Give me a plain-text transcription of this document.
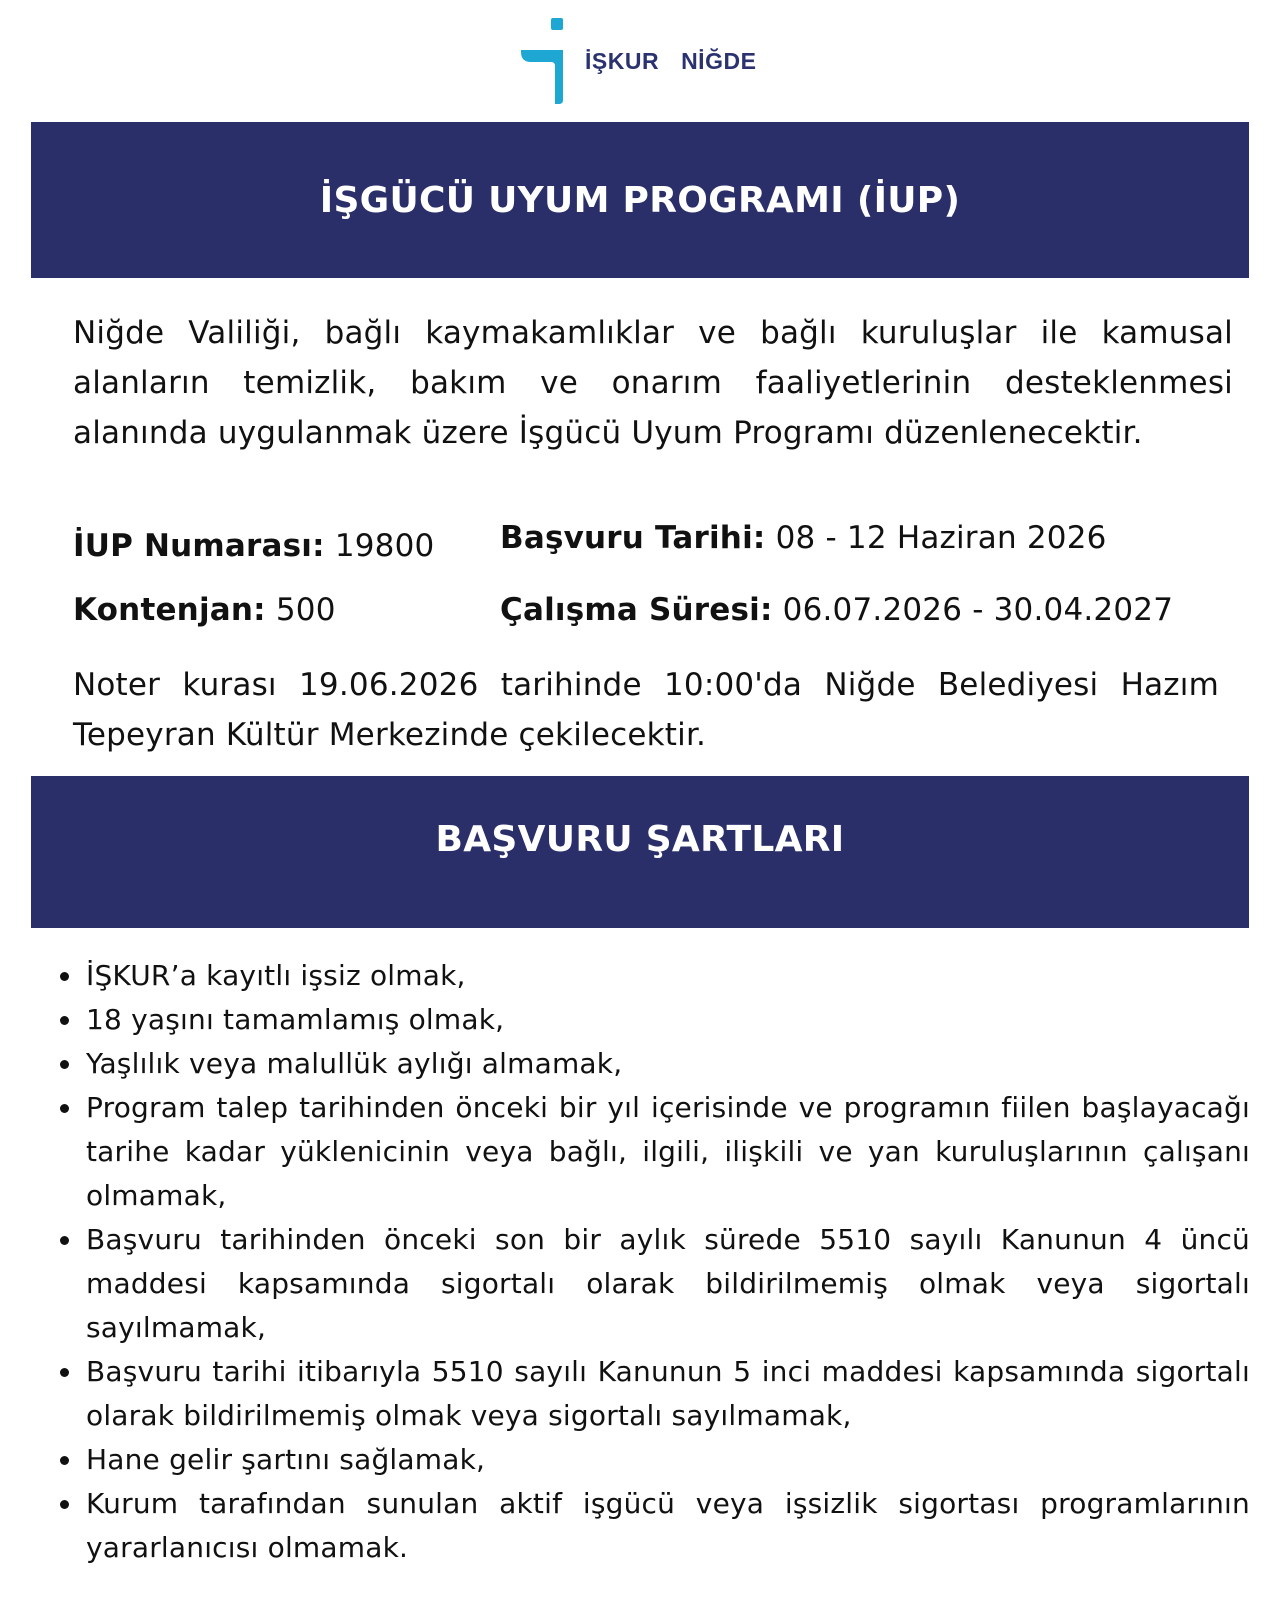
İŞKUR NİĞDE
İŞGÜCÜ UYUM PROGRAMI (İUP)
Niğde Valiliği, bağlı kaymakamlıklar ve bağlı kuruluşlar ile kamusal alanların temizlik, bakım ve onarım faaliyetlerinin desteklenmesi alanında uygulanmak üzere İşgücü Uyum Programı düzenlenecektir.
İUP Numarası: 19800 Başvuru Tarihi: 08 - 12 Haziran 2026
Kontenjan: 500	Çalışma Süresi: 06.07.2026 - 30.04.2027
Noter kurası 19.06.2026 tarihinde 10:00'da Niğde Belediyesi Hazım Tepeyran Kültür Merkezinde çekilecektir.
BAŞVURU ŞARTLARI
İŞKUR’a kayıtlı işsiz olmak,
18 yaşını tamamlamış olmak,
Yaşlılık veya malullük aylığı almamak,
Program talep tarihinden önceki bir yıl içerisinde ve programın fiilen başlayacağı tarihe kadar yüklenicinin veya bağlı, ilgili, ilişkili ve yan kuruluşlarının çalışanı olmamak,
Başvuru tarihinden önceki son bir aylık sürede 5510 sayılı Kanunun 4 üncü maddesi kapsamında sigortalı olarak bildirilmemiş olmak veya sigortalı sayılmamak,
Başvuru tarihi itibarıyla 5510 sayılı Kanunun 5 inci maddesi kapsamında sigortalı olarak bildirilmemiş olmak veya sigortalı sayılmamak,
Hane gelir şartını sağlamak,
Kurum tarafından sunulan aktif işgücü veya işsizlik sigortası programlarının yararlanıcısı olmamak.
